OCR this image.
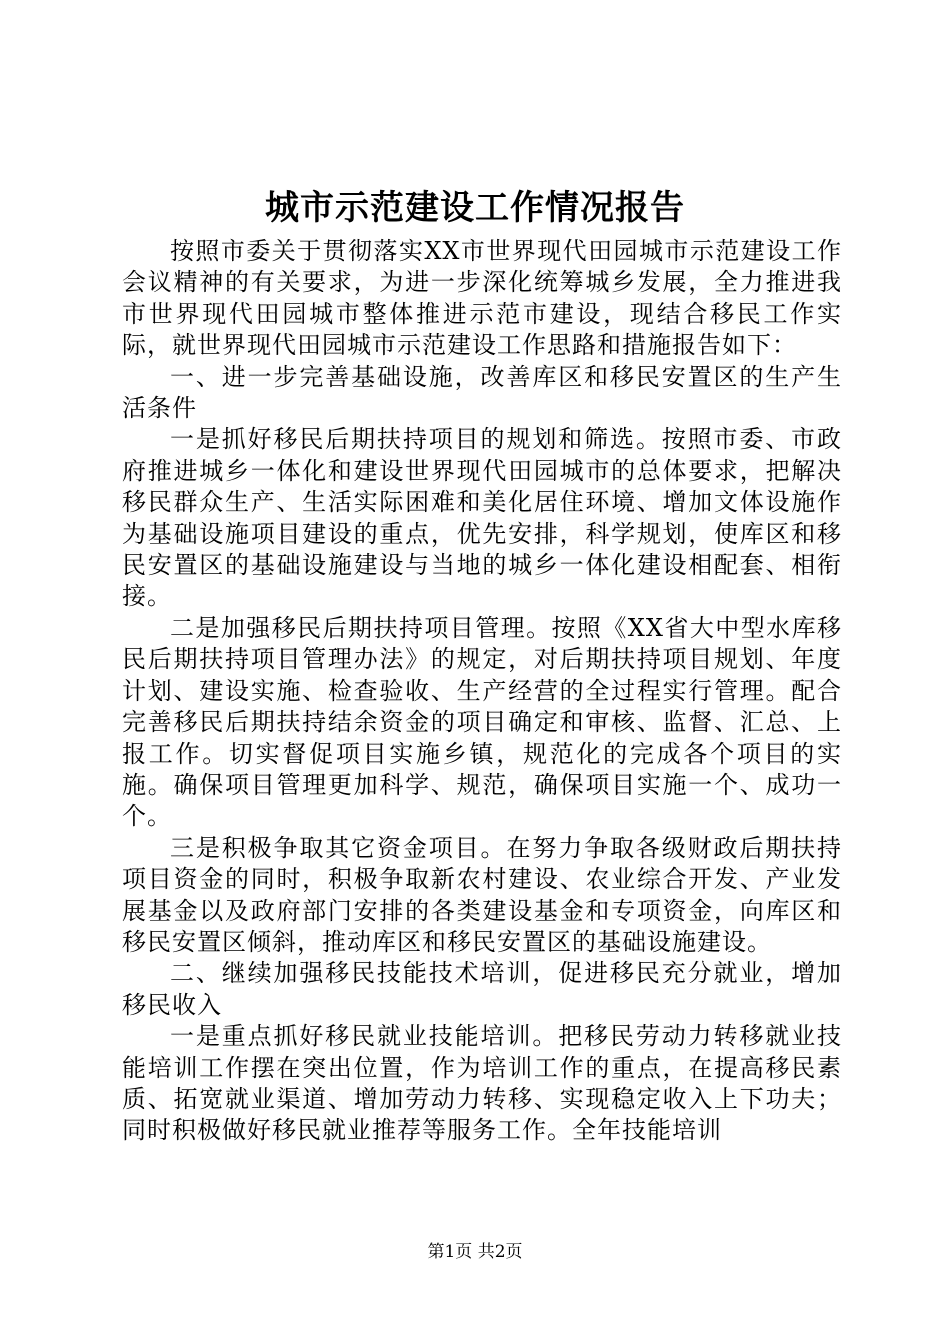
城市示范建设工作情况报告

按照市委关于贯彻落实XX市世界现代田园城市示范建设工作会议精神的有关要求，为进一步深化统筹城乡发展，全力推进我市世界现代田园城市整体推进示范市建设，现结合移民工作实际，就世界现代田园城市示范建设工作思路和措施报告如下：

一、进一步完善基础设施，改善库区和移民安置区的生产生活条件

一是抓好移民后期扶持项目的规划和筛选。按照市委、市政府推进城乡一体化和建设世界现代田园城市的总体要求，把解决移民群众生产、生活实际困难和美化居住环境、增加文体设施作为基础设施项目建设的重点，优先安排，科学规划，使库区和移民安置区的基础设施建设与当地的城乡一体化建设相配套、相衔接。

二是加强移民后期扶持项目管理。按照《XX省大中型水库移民后期扶持项目管理办法》的规定，对后期扶持项目规划、年度计划、建设实施、检查验收、生产经营的全过程实行管理。配合完善移民后期扶持结余资金的项目确定和审核、监督、汇总、上报工作。切实督促项目实施乡镇，规范化的完成各个项目的实施。确保项目管理更加科学、规范，确保项目实施一个、成功一个。

三是积极争取其它资金项目。在努力争取各级财政后期扶持项目资金的同时，积极争取新农村建设、农业综合开发、产业发展基金以及政府部门安排的各类建设基金和专项资金，向库区和移民安置区倾斜，推动库区和移民安置区的基础设施建设。

二、继续加强移民技能技术培训，促进移民充分就业，增加移民收入

一是重点抓好移民就业技能培训。把移民劳动力转移就业技能培训工作摆在突出位置，作为培训工作的重点，在提高移民素质、拓宽就业渠道、增加劳动力转移、实现稳定收入上下功夫；同时积极做好移民就业推荐等服务工作。全年技能培训

第1页 共2页
